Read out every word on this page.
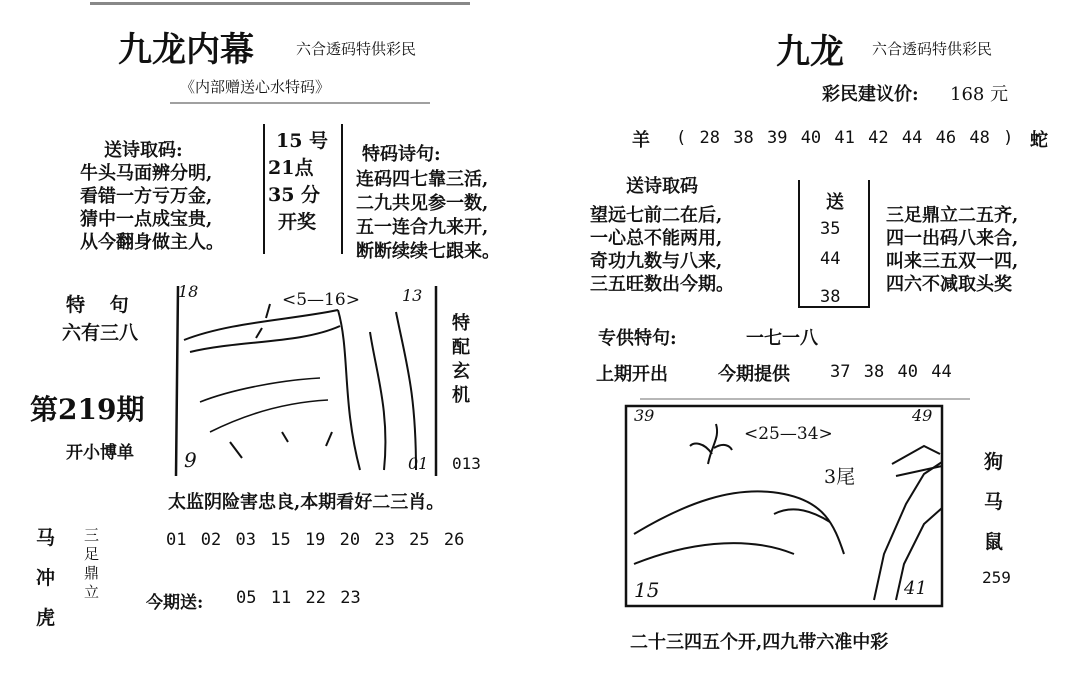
九龙内幕	六合透码特供彩民
《内部赠送心水特码》
送诗取码:
牛头马面辨分明,
看错一方亏万金,
猜中一点成宝贵,
从今翻身做主人。
15 号
21点
35 分
开奖
特码诗句:
连码四七靠三活,
二九共见参一数,
五一连合九来开,
断断续续七跟来。
特 句
六有三八
第219期
开小博单
18	<5—16>	13
9	01
特
配
玄
机
013
太监阴险害忠良,本期看好二三肖。
马
冲
虎
三
足
鼎
立
01 02 03 15 19 20 23 25 26
今期送: 05 11 22 23
九龙 六合透码特供彩民
彩民建议价: 168 元
羊 ( 28 38 39 40 41 42 44 46 48 ) 蛇
送诗取码
望远七前二在后,
一心总不能两用,
奇功九数与八来,
三五旺数出今期。
送
35
44
38
三足鼎立二五齐,
四一出码八来合,
叫来三五双一四,
四六不减取头奖
专供特句:	一七一八
上期开出	今期提供 37 38 40 44
39
<25—34>
49
3尾
15	41
狗
马
鼠
259
二十三四五个开,四九带六准中彩
